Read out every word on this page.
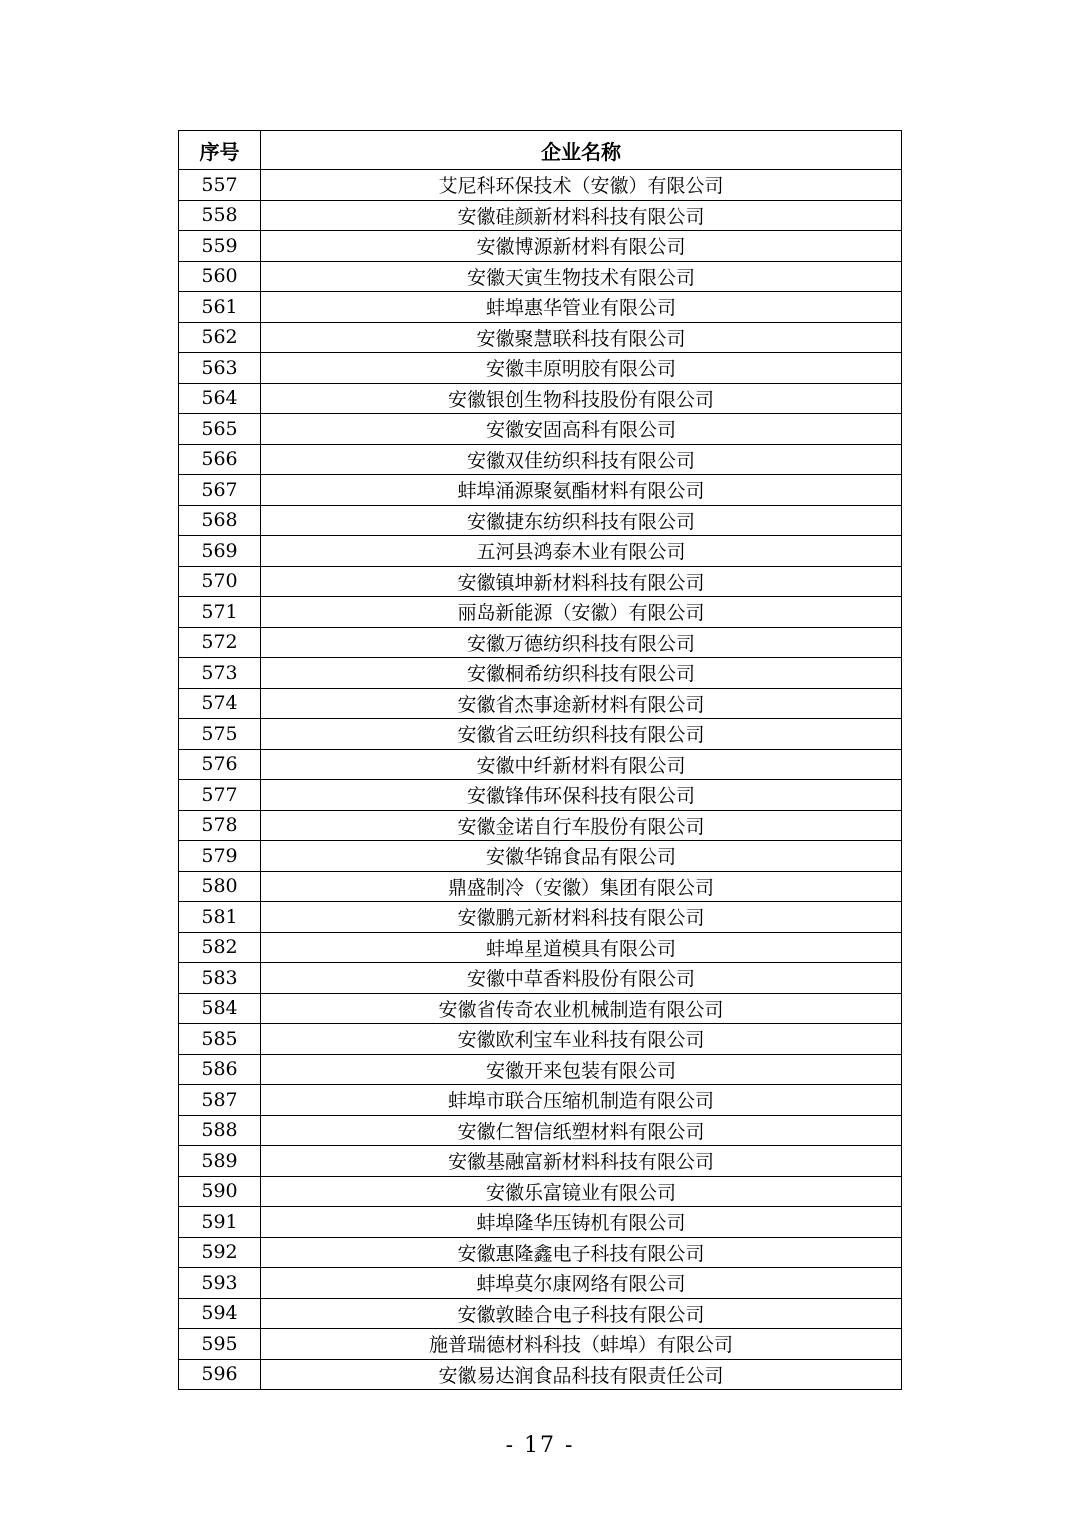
序号	企业名称
557	艾尼科环保技术（安徽）有限公司
558	安徽硅颜新材料科技有限公司
559	安徽博源新材料有限公司
560	安徽天寅生物技术有限公司
561	蚌埠惠华管业有限公司
562	安徽聚慧联科技有限公司
563	安徽丰原明胶有限公司
564	安徽银创生物科技股份有限公司
565	安徽安固高科有限公司
566	安徽双佳纺织科技有限公司
567	蚌埠涌源聚氨酯材料有限公司
568	安徽捷东纺织科技有限公司
569	五河县鸿泰木业有限公司
570	安徽镇坤新材料科技有限公司
571	丽岛新能源（安徽）有限公司
572	安徽万德纺织科技有限公司
573	安徽桐希纺织科技有限公司
574	安徽省杰事途新材料有限公司
575	安徽省云旺纺织科技有限公司
576	安徽中纤新材料有限公司
577	安徽锋伟环保科技有限公司
578	安徽金诺自行车股份有限公司
579	安徽华锦食品有限公司
580	鼎盛制冷（安徽）集团有限公司
581	安徽鹏元新材料科技有限公司
582	蚌埠星道模具有限公司
583	安徽中草香料股份有限公司
584	安徽省传奇农业机械制造有限公司
585	安徽欧利宝车业科技有限公司
586	安徽开来包装有限公司
587	蚌埠市联合压缩机制造有限公司
588	安徽仁智信纸塑材料有限公司
589	安徽基融富新材料科技有限公司
590	安徽乐富镜业有限公司
591	蚌埠隆华压铸机有限公司
592	安徽惠隆鑫电子科技有限公司
593	蚌埠莫尔康网络有限公司
594	安徽敦睦合电子科技有限公司
595	施普瑞德材料科技（蚌埠）有限公司
596	安徽易达润食品科技有限责任公司
- 17 -
